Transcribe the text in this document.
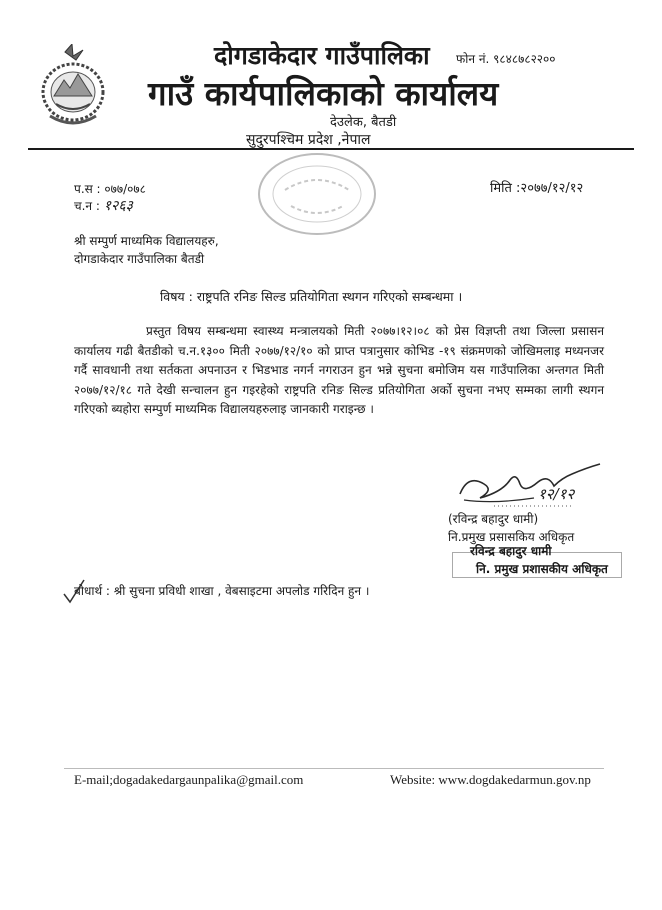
दोगडाकेदार गाउँपालिका
गाउँ कार्यपालिकाको कार्यालय
फोन नं. ९८४८७८२२००
देउलेक, बैतडी
सुदुरपश्चिम प्रदेश ,नेपाल
प.स : ०७७/०७८
च.न : १२६३
मिति :२०७७/१२/१२
श्री सम्पुर्ण माध्यमिक विद्यालयहरु,
दोगडाकेदार गाउँपालिका बैतडी
विषय : राष्ट्रपति रनिङ सिल्ड प्रतियोगिता स्थगन गरिएको सम्बन्धमा ।

प्रस्तुत विषय सम्बन्धमा स्वास्थ्य मन्त्रालयको मिती २०७७।१२।०८ को प्रेस विज्ञप्ती तथा जिल्ला प्रसासन कार्यालय गढी बैतडीको च.न.१३०० मिती २०७७/१२/१० को प्राप्त पत्रानुसार कोभिड -१९ संक्रमणको जोखिमलाइ मध्यनजर गर्दै सावधानी तथा सर्तकता अपनाउन र भिडभाड नगर्न नगराउन हुन भन्ने सुचना बमोजिम यस गाउँपालिका अन्तगत मिती २०७७/१२/१८ गते देखी सन्चालन हुन गइरहेको राष्ट्रपति रनिङ सिल्ड प्रतियोगिता अर्को सुचना नभए सम्मका लागी स्थगन गरिएको ब्यहोरा सम्पुर्ण माध्यमिक विद्यालयहरुलाइ जानकारी गराइन्छ ।

१२/१२
(रविन्द्र बहादुर धामी)
नि.प्रमुख प्रसासकिय अधिकृत
रविन्द्र बहादुर धामी
नि. प्रमुख प्रशासकीय अधिकृत
बोधार्थ : श्री सुचना प्रविधी शाखा , वेबसाइटमा अपलोड गरिदिन हुन ।
E-mail;dogadakedargaunpalika@gmail.com	Website: www.dogdakedarmun.gov.np
